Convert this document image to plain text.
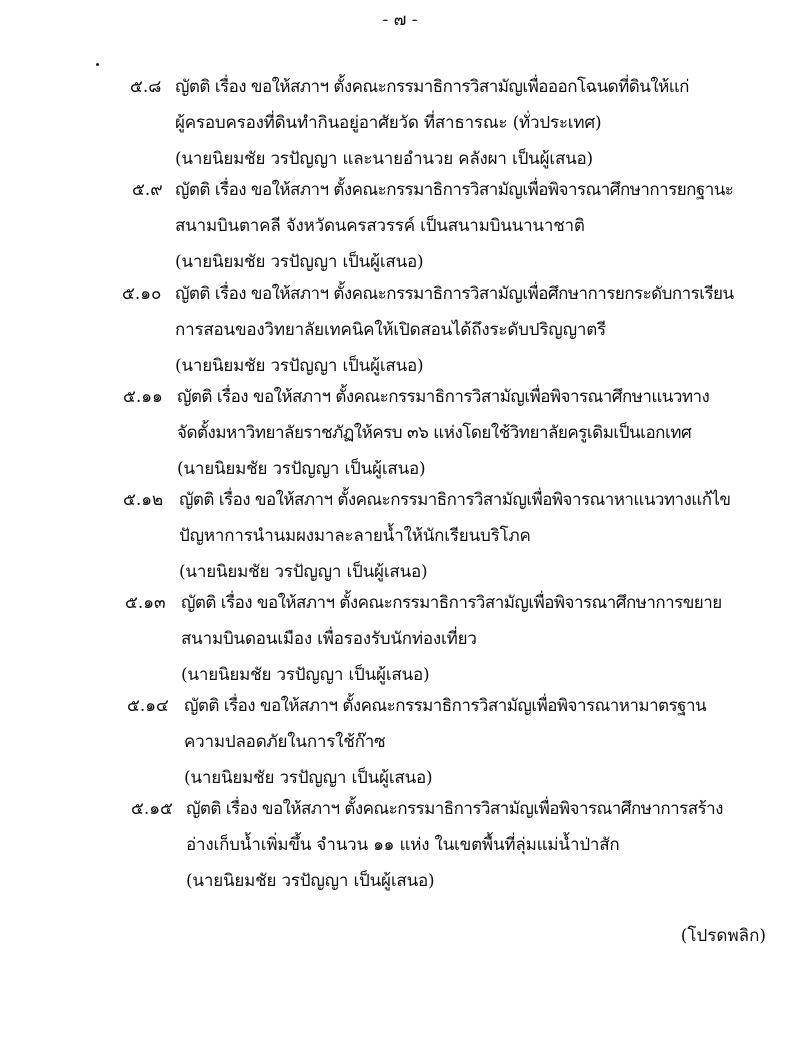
- ๗ -
๕.๘ ญัตติ เรื่อง ขอให้สภาฯ ตั้งคณะกรรมาธิการวิสามัญเพื่อออกโฉนดที่ดินให้แก่
ผู้ครอบครองที่ดินทำกินอยู่อาศัยวัด ที่สาธารณะ (ทั่วประเทศ)
(นายนิยมชัย วรปัญญา และนายอำนวย คลังผา เป็นผู้เสนอ)
๕.๙ ญัตติ เรื่อง ขอให้สภาฯ ตั้งคณะกรรมาธิการวิสามัญเพื่อพิจารณาศึกษาการยกฐานะ
สนามบินตาคลี จังหวัดนครสวรรค์ เป็นสนามบินนานาชาติ
(นายนิยมชัย วรปัญญา เป็นผู้เสนอ)
๕.๑๐ ญัตติ เรื่อง ขอให้สภาฯ ตั้งคณะกรรมาธิการวิสามัญเพื่อศึกษาการยกระดับการเรียน
การสอนของวิทยาลัยเทคนิคให้เปิดสอนได้ถึงระดับปริญญาตรี
(นายนิยมชัย วรปัญญา เป็นผู้เสนอ)
๕.๑๑ ญัตติ เรื่อง ขอให้สภาฯ ตั้งคณะกรรมาธิการวิสามัญเพื่อพิจารณาศึกษาแนวทาง
จัดตั้งมหาวิทยาลัยราชภัฏให้ครบ ๓๖ แห่งโดยใช้วิทยาลัยครูเดิมเป็นเอกเทศ
(นายนิยมชัย วรปัญญา เป็นผู้เสนอ)
๕.๑๒ ญัตติ เรื่อง ขอให้สภาฯ ตั้งคณะกรรมาธิการวิสามัญเพื่อพิจารณาหาแนวทางแก้ไข
ปัญหาการนำนมผงมาละลายน้ำให้นักเรียนบริโภค
(นายนิยมชัย วรปัญญา เป็นผู้เสนอ)
๕.๑๓ ญัตติ เรื่อง ขอให้สภาฯ ตั้งคณะกรรมาธิการวิสามัญเพื่อพิจารณาศึกษาการขยาย
สนามบินดอนเมือง เพื่อรองรับนักท่องเที่ยว
(นายนิยมชัย วรปัญญา เป็นผู้เสนอ)
๕.๑๔ ญัตติ เรื่อง ขอให้สภาฯ ตั้งคณะกรรมาธิการวิสามัญเพื่อพิจารณาหามาตรฐาน
ความปลอดภัยในการใช้ก๊าซ
(นายนิยมชัย วรปัญญา เป็นผู้เสนอ)
๕.๑๕ ญัตติ เรื่อง ขอให้สภาฯ ตั้งคณะกรรมาธิการวิสามัญเพื่อพิจารณาศึกษาการสร้าง
อ่างเก็บน้ำเพิ่มขึ้น จำนวน ๑๑ แห่ง ในเขตพื้นที่ลุ่มแม่น้ำป่าสัก
(นายนิยมชัย วรปัญญา เป็นผู้เสนอ)
(โปรดพลิก)
